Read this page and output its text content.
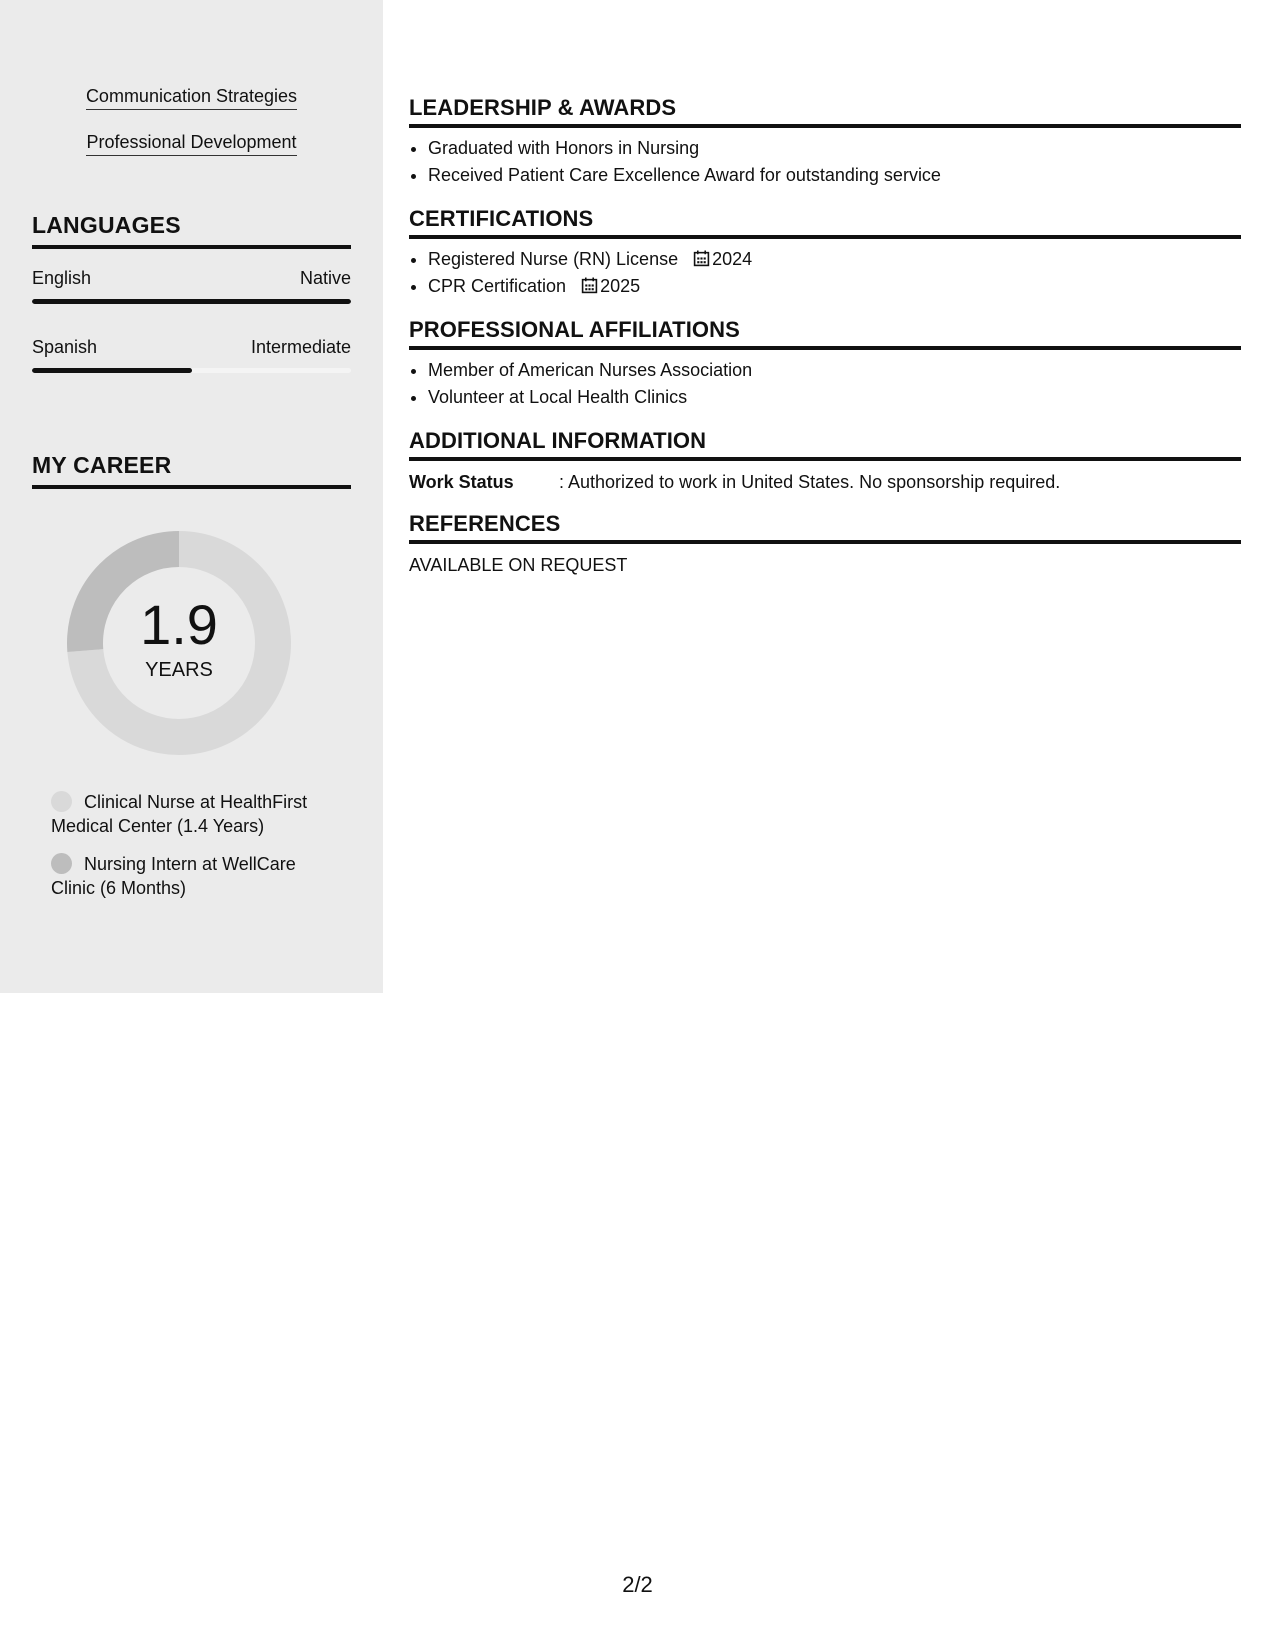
Communication Strategies
Professional Development
LANGUAGES
English	Native
Spanish	Intermediate
MY CAREER
1.9
YEARS
Clinical Nurse at HealthFirst Medical Center (1.4 Years)
Nursing Intern at WellCare Clinic (6 Months)
LEADERSHIP & AWARDS
• Graduated with Honors in Nursing
• Received Patient Care Excellence Award for outstanding service
CERTIFICATIONS
• Registered Nurse (RN) License 2024
• CPR Certification 2025
PROFESSIONAL AFFILIATIONS
• Member of American Nurses Association
• Volunteer at Local Health Clinics
ADDITIONAL INFORMATION
Work Status	: Authorized to work in United States. No sponsorship required.
REFERENCES
AVAILABLE ON REQUEST
2/2
